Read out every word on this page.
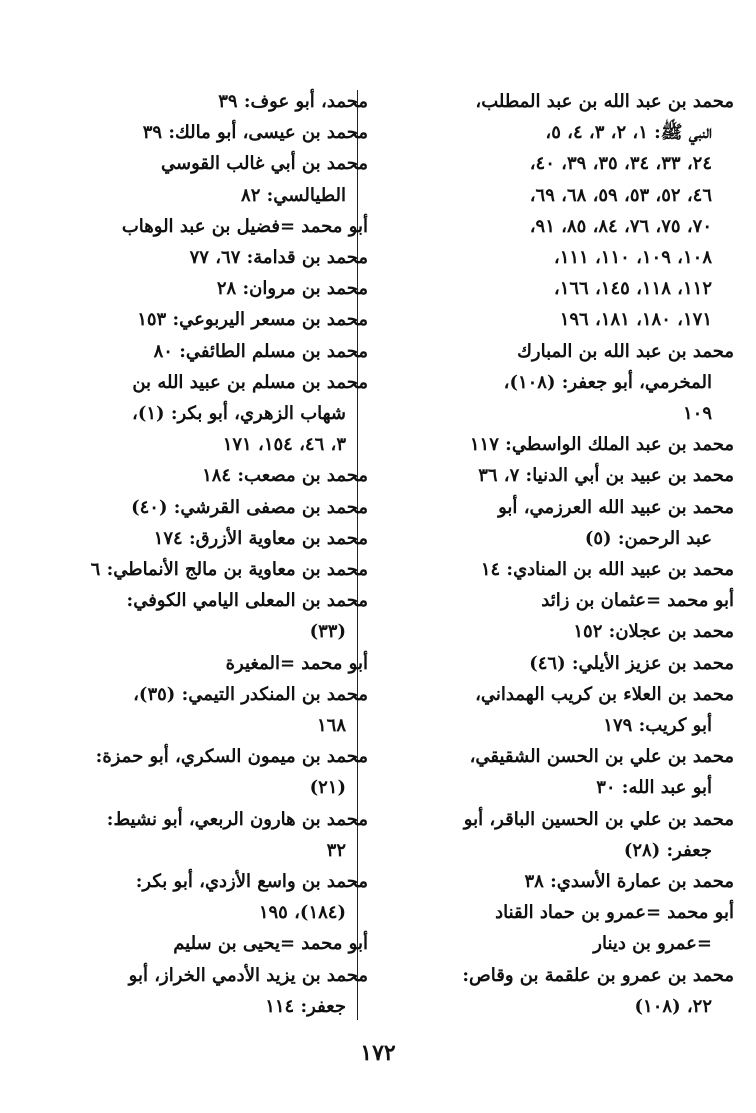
محمد بن عبد الله بن عبد المطلب،

النبي ﷺ: ١، ٢، ٣، ٤، ٥،

٢٤، ٣٣، ٣٤، ٣٥، ٣٩، ٤٠،

٤٦، ٥٢، ٥٣، ٥٩، ٦٨، ٦٩،

٧٠، ٧٥، ٧٦، ٨٤، ٨٥، ٩١،

١٠٨، ١٠٩، ١١٠، ١١١،

١١٢، ١١٨، ١٤٥، ١٦٦،

١٧١، ١٨٠، ١٨١، ١٩٦

محمد بن عبد الله بن المبارك

المخرمي، أبو جعفر: (١٠٨)،

١٠٩

محمد بن عبد الملك الواسطي: ١١٧

محمد بن عبيد بن أبي الدنيا: ٧، ٣٦

محمد بن عبيد الله العرزمي، أبو

عبد الرحمن: (٥)

محمد بن عبيد الله بن المنادي: ١٤

أبو محمد =عثمان بن زائد

محمد بن عجلان: ١٥٢

محمد بن عزيز الأيلي: (٤٦)

محمد بن العلاء بن كريب الهمداني،

أبو كريب: ١٧٩

محمد بن علي بن الحسن الشقيقي،

أبو عبد الله: ٣٠

محمد بن علي بن الحسين الباقر، أبو

جعفر: (٢٨)

محمد بن عمارة الأسدي: ٣٨

أبو محمد =عمرو بن حماد القناد

=عمرو بن دينار

محمد بن عمرو بن علقمة بن وقاص:

٢٢، (١٠٨)

محمد، أبو عوف: ٣٩

محمد بن عيسى، أبو مالك: ٣٩

محمد بن أبي غالب القوسي

الطيالسي: ٨٢

أبو محمد =فضيل بن عبد الوهاب

محمد بن قدامة: ٦٧، ٧٧

محمد بن مروان: ٢٨

محمد بن مسعر اليربوعي: ١٥٣

محمد بن مسلم الطائفي: ٨٠

محمد بن مسلم بن عبيد الله بن

شهاب الزهري، أبو بكر: (١)،

٣، ٤٦، ١٥٤، ١٧١

محمد بن مصعب: ١٨٤

محمد بن مصفى القرشي: (٤٠)

محمد بن معاوية الأزرق: ١٧٤

محمد بن معاوية بن مالج الأنماطي: ٦

محمد بن المعلى اليامي الكوفي:

(٣٣)

أبو محمد =المغيرة

محمد بن المنكدر التيمي: (٣٥)،

١٦٨

محمد بن ميمون السكري، أبو حمزة:

(٢١)

محمد بن هارون الربعي، أبو نشيط:

٣٢

محمد بن واسع الأزدي، أبو بكر:

(١٨٤)، ١٩٥

أبو محمد =يحيى بن سليم

محمد بن يزيد الأدمي الخراز، أبو

جعفر: ١١٤

١٧٢
